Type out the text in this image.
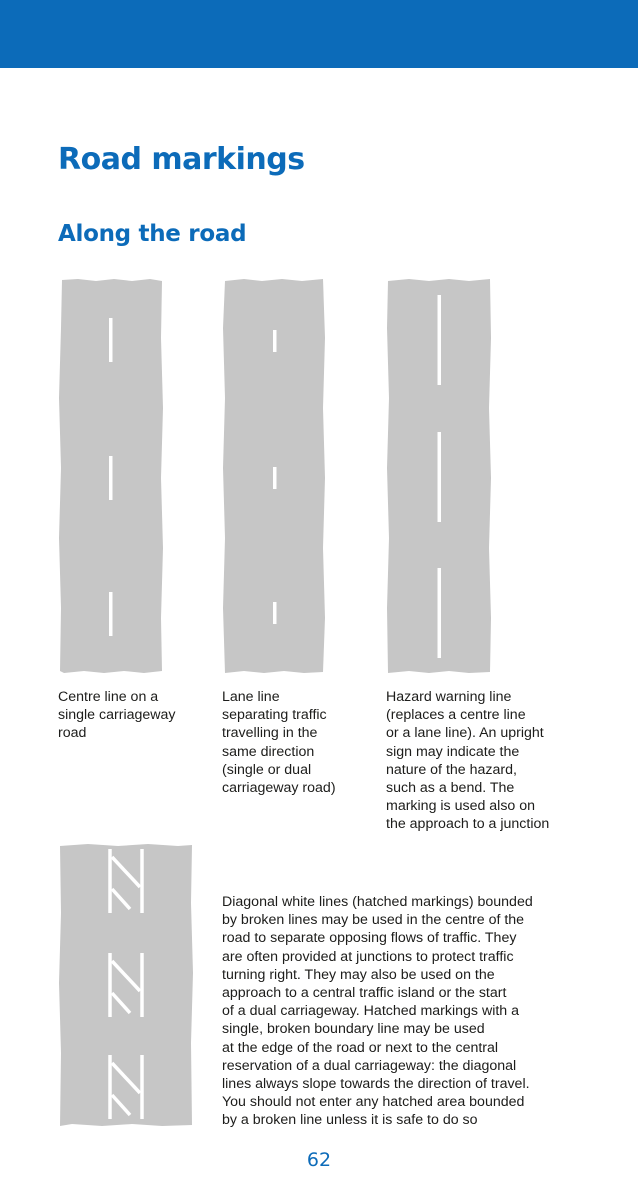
Road markings
Along the road

Centre line on a
single carriageway
road

Lane line
separating traffic
travelling in the
same direction
(single or dual
carriageway road)

Hazard warning line
(replaces a centre line
or a lane line). An upright
sign may indicate the
nature of the hazard,
such as a bend. The
marking is used also on
the approach to a junction

Diagonal white lines (hatched markings) bounded
by broken lines may be used in the centre of the
road to separate opposing flows of traffic. They
are often provided at junctions to protect traffic
turning right. They may also be used on the
approach to a central traffic island or the start
of a dual carriageway. Hatched markings with a
single, broken boundary line may be used
at the edge of the road or next to the central
reservation of a dual carriageway: the diagonal
lines always slope towards the direction of travel.
You should not enter any hatched area bounded
by a broken line unless it is safe to do so

62
